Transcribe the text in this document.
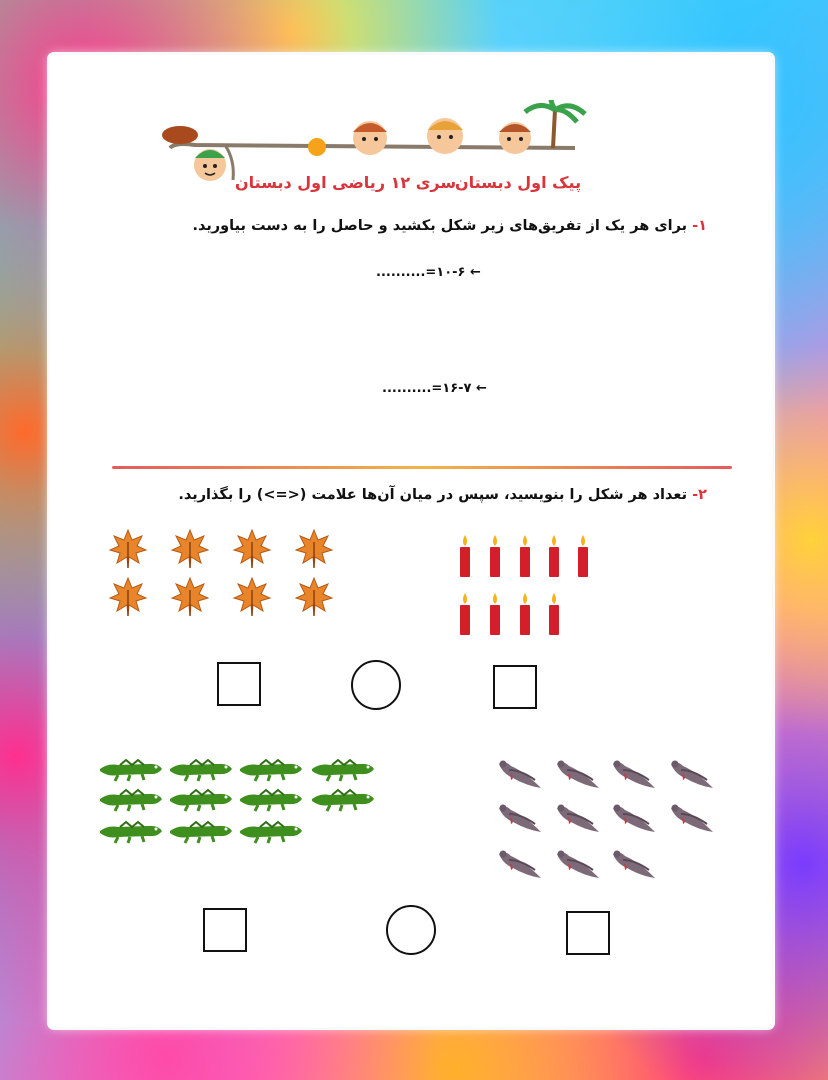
سری ۱۲ ریاضی اول دبستان
پیک اول دبستان
۱- برای هر یک از تفریق‌های زیر شکل بکشید و حاصل را به دست بیاورید.
← ۱۰-۶=..........
← ۱۶-۷=..........
۲- تعداد هر شکل را بنویسید، سپس در میان آن‌ها علامت (<=>) را بگذارید.
